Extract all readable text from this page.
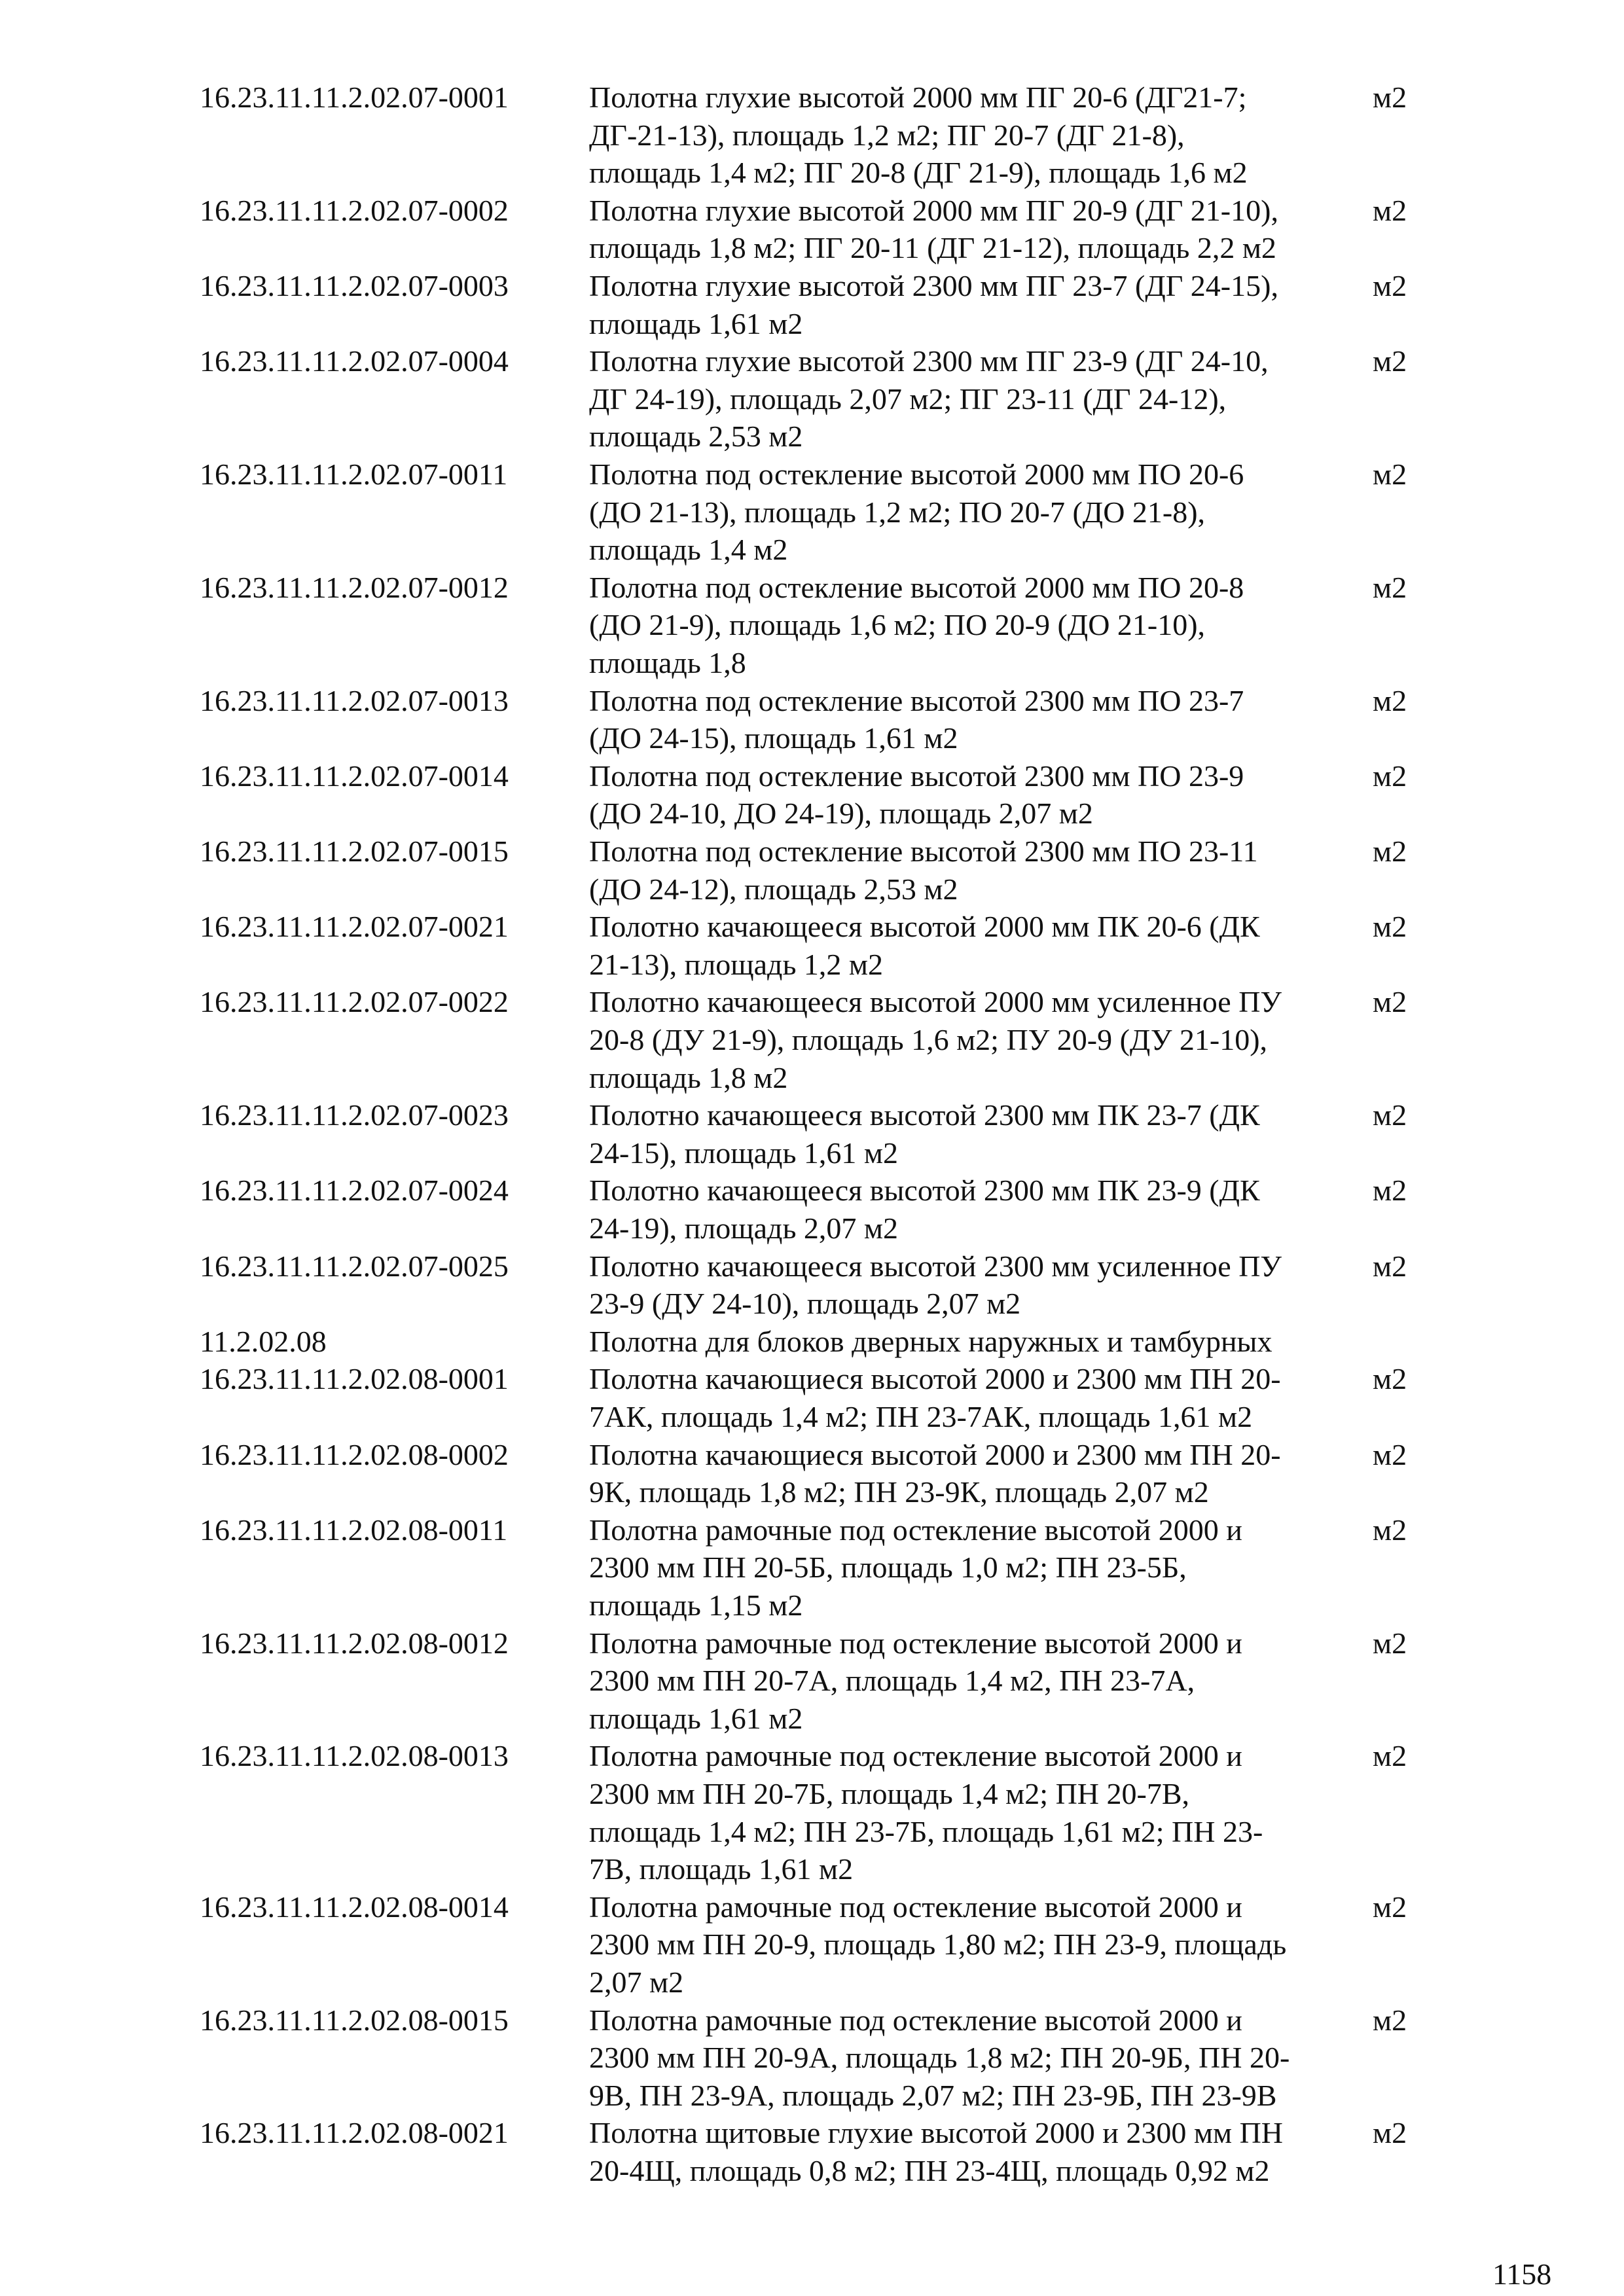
16.23.11.11.2.02.07-0001	Полотна глухие высотой 2000 мм ПГ 20-6 (ДГ21-7;
ДГ-21-13), площадь 1,2 м2; ПГ 20-7 (ДГ 21-8),
площадь 1,4 м2; ПГ 20-8 (ДГ 21-9), площадь 1,6 м2
м2
16.23.11.11.2.02.07-0002	Полотна глухие высотой 2000 мм ПГ 20-9 (ДГ 21-10),
площадь 1,8 м2; ПГ 20-11 (ДГ 21-12), площадь 2,2 м2
м2
16.23.11.11.2.02.07-0003	Полотна глухие высотой 2300 мм ПГ 23-7 (ДГ 24-15),
площадь 1,61 м2
м2
16.23.11.11.2.02.07-0004	Полотна глухие высотой 2300 мм ПГ 23-9 (ДГ 24-10,
ДГ 24-19), площадь 2,07 м2; ПГ 23-11 (ДГ 24-12),
площадь 2,53 м2
м2
16.23.11.11.2.02.07-0011	Полотна под остекление высотой 2000 мм ПО 20-6
(ДО 21-13), площадь 1,2 м2; ПО 20-7 (ДО 21-8),
площадь 1,4 м2
м2
16.23.11.11.2.02.07-0012	Полотна под остекление высотой 2000 мм ПО 20-8
(ДО 21-9), площадь 1,6 м2; ПО 20-9 (ДО 21-10),
площадь 1,8
м2
16.23.11.11.2.02.07-0013	Полотна под остекление высотой 2300 мм ПО 23-7
(ДО 24-15), площадь 1,61 м2
м2
16.23.11.11.2.02.07-0014	Полотна под остекление высотой 2300 мм ПО 23-9
(ДО 24-10, ДО 24-19), площадь 2,07 м2
м2
16.23.11.11.2.02.07-0015	Полотна под остекление высотой 2300 мм ПО 23-11
(ДО 24-12), площадь 2,53 м2
м2
16.23.11.11.2.02.07-0021	Полотно качающееся высотой 2000 мм ПК 20-6 (ДК
21-13), площадь 1,2 м2
м2
16.23.11.11.2.02.07-0022	Полотно качающееся высотой 2000 мм усиленное ПУ
20-8 (ДУ 21-9), площадь 1,6 м2; ПУ 20-9 (ДУ 21-10),
площадь 1,8 м2
м2
16.23.11.11.2.02.07-0023	Полотно качающееся высотой 2300 мм ПК 23-7 (ДК
24-15), площадь 1,61 м2
м2
16.23.11.11.2.02.07-0024	Полотно качающееся высотой 2300 мм ПК 23-9 (ДК
24-19), площадь 2,07 м2
м2
16.23.11.11.2.02.07-0025	Полотно качающееся высотой 2300 мм усиленное ПУ
23-9 (ДУ 24-10), площадь 2,07 м2
м2
11.2.02.08	Полотна для блоков дверных наружных и тамбурных
16.23.11.11.2.02.08-0001	Полотна качающиеся высотой 2000 и 2300 мм ПН 20-
7АК, площадь 1,4 м2; ПН 23-7АК, площадь 1,61 м2
м2
16.23.11.11.2.02.08-0002	Полотна качающиеся высотой 2000 и 2300 мм ПН 20-
9К, площадь 1,8 м2; ПН 23-9К, площадь 2,07 м2
м2
16.23.11.11.2.02.08-0011	Полотна рамочные под остекление высотой 2000 и
2300 мм ПН 20-5Б, площадь 1,0 м2; ПН 23-5Б,
площадь 1,15 м2
м2
16.23.11.11.2.02.08-0012	Полотна рамочные под остекление высотой 2000 и
2300 мм ПН 20-7А, площадь 1,4 м2, ПН 23-7А,
площадь 1,61 м2
м2
16.23.11.11.2.02.08-0013	Полотна рамочные под остекление высотой 2000 и
2300 мм ПН 20-7Б, площадь 1,4 м2; ПН 20-7В,
площадь 1,4 м2; ПН 23-7Б, площадь 1,61 м2; ПН 23-
7В, площадь 1,61 м2
м2
16.23.11.11.2.02.08-0014	Полотна рамочные под остекление высотой 2000 и
2300 мм ПН 20-9, площадь 1,80 м2; ПН 23-9, площадь
2,07 м2
м2
16.23.11.11.2.02.08-0015	Полотна рамочные под остекление высотой 2000 и
2300 мм ПН 20-9А, площадь 1,8 м2; ПН 20-9Б, ПН 20-
9В, ПН 23-9А, площадь 2,07 м2; ПН 23-9Б, ПН 23-9В
м2
16.23.11.11.2.02.08-0021	Полотна щитовые глухие высотой 2000 и 2300 мм ПН
20-4Щ, площадь 0,8 м2; ПН 23-4Щ, площадь 0,92 м2
м2
1158
